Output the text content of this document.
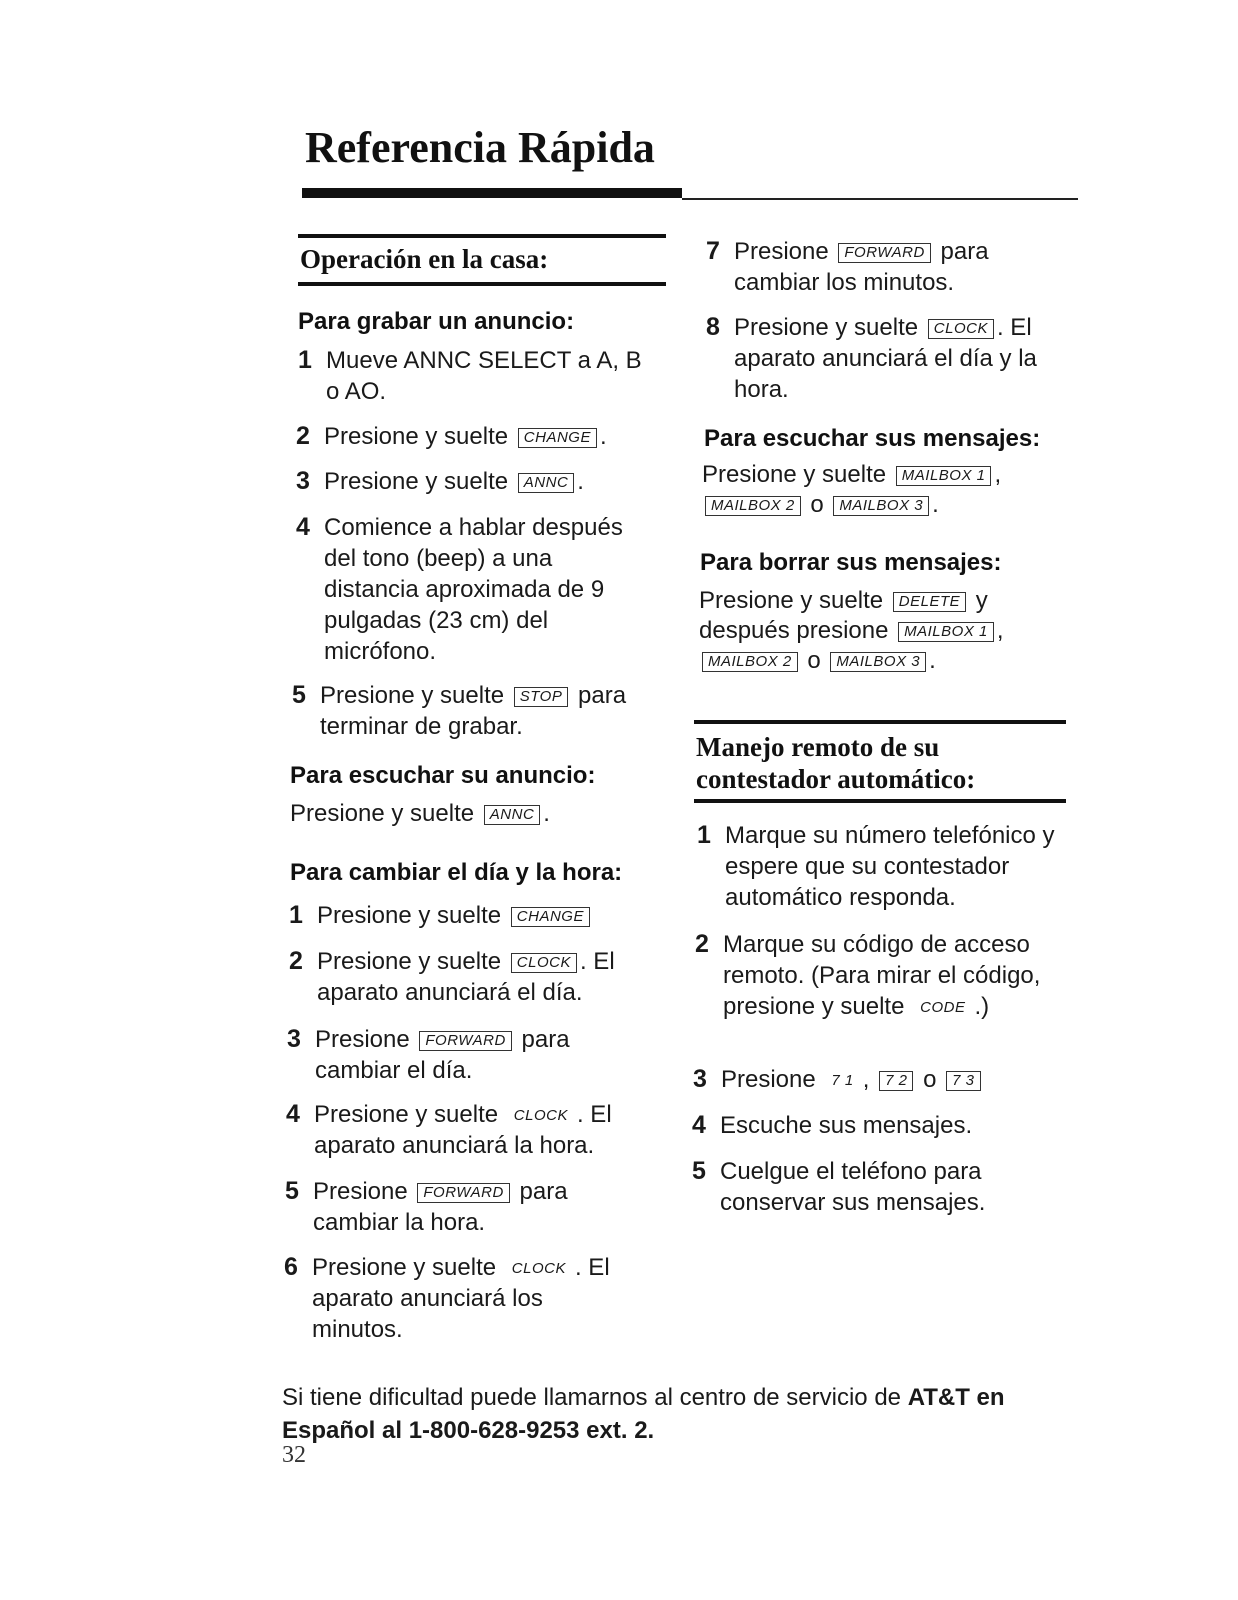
Referencia Rápida
Operación en la casa:
Para grabar un anuncio:
1 Mueve ANNC SELECT a A, B o AO.
2 Presione y suelte CHANGE .
3 Presione y suelte ANNC .
4 Comience a hablar después del tono (beep) a una distancia aproximada de 9 pulgadas (23 cm) del micrófono.
5 Presione y suelte STOP para terminar de grabar.
Para escuchar su anuncio:
Presione y suelte ANNC .
Para cambiar el día y la hora:
1 Presione y suelte CHANGE
2 Presione y suelte CLOCK . El aparato anunciará el día.
3 Presione FORWARD para cambiar el día.
4 Presione y suelte CLOCK . El aparato anunciará la hora.
5 Presione FORWARD para cambiar la hora.
6 Presione y suelte CLOCK . El aparato anunciará los minutos.
7 Presione FORWARD para cambiar los minutos.
8 Presione y suelte CLOCK . El aparato anunciará el día y la hora.
Para escuchar sus mensajes:
Presione y suelte MAILBOX 1 , MAILBOX 2 o MAILBOX 3 .
Para borrar sus mensajes:
Presione y suelte DELETE y después presione MAILBOX 1 , MAILBOX 2 o MAILBOX 3 .
Manejo remoto de su
contestador automático:
1 Marque su número telefónico y espere que su contestador automático responda.
2 Marque su código de acceso remoto. (Para mirar el código, presione y suelte CODE .)
3 Presione 7 1 , 7 2 o 7 3
4 Escuche sus mensajes.
5 Cuelgue el teléfono para conservar sus mensajes.
Si tiene dificultad puede llamarnos al centro de servicio de AT&T en Español al 1-800-628-9253 ext. 2.
32
